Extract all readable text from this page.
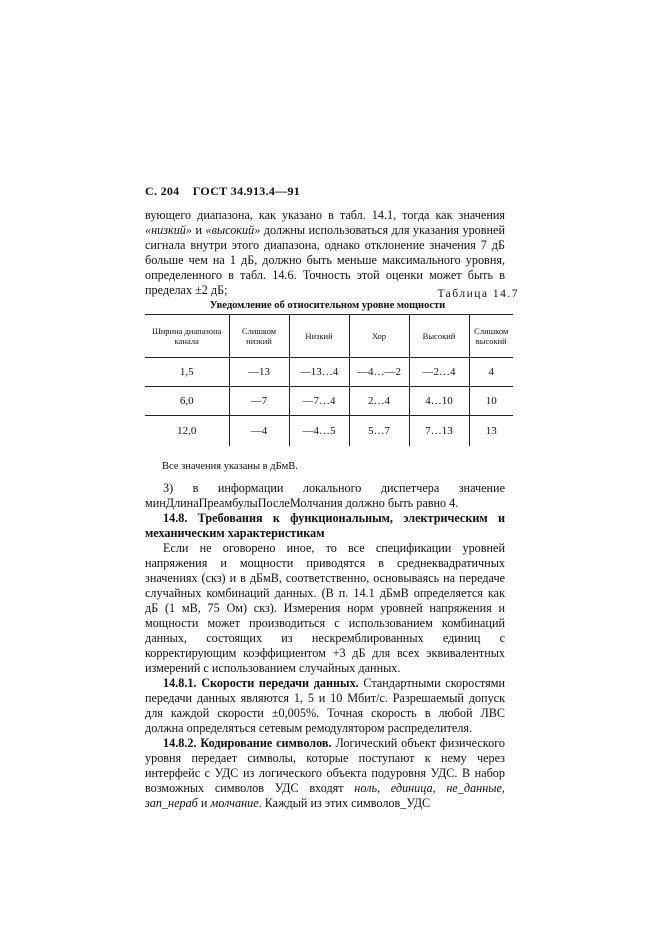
С. 204 ГОСТ 34.913.4—91

вующего диапазона, как указано в табл. 14.1, тогда как значения «низкий» и «высокий» должны использоваться для указания уровней сигнала внутри этого диапазона, однако отклонение значения 7 дБ больше чем на 1 дБ, должно быть меньше максимального уровня, определенного в табл. 14.6. Точность этой оценки может быть в пределах ±2 дБ;	Таблица 14.7
Уведомление об относительном уровне мощности
Ширина диапазона канала	Слишком низкий	Низкий	Хор	Высокий	Слишком высокий
1,5	—13	—13…4	—4…—2	—2…4	4
6,0	—7	—7…4	2…4	4…10	10
12,0	—4	—4…5	5…7	7…13	13
Все значения указаны в дБмВ.

3) в информации локального диспетчера значение минДлинаПреамбулыПослеМолчания должно быть равно 4.

14.8. Требования к функциональным, электрическим и механическим характеристикам

Если не оговорено иное, то все спецификации уровней напряжения и мощности приводятся в среднеквадратичных значениях (скз) и в дБмВ, соответственно, основываясь на передаче случайных комбинаций данных. (В п. 14.1 дБмВ определяется как дБ (1 мВ, 75 Ом) скз). Измерения норм уровней напряжения и мощности может производиться с использованием комбинаций данных, состоящих из нескремблированных единиц с корректирующим коэффициентом +3 дБ для всех эквивалентных измерений с использованием случайных данных.

14.8.1. Скорости передачи данных. Стандартными скоростями передачи данных являются 1, 5 и 10 Мбит/с. Разрешаемый допуск для каждой скорости ±0,005%. Точная скорость в любой ЛВС должна определяться сетевым ремодулятором распределителя.

14.8.2. Кодирование символов. Логический объект физического уровня передает символы, которые поступают к нему через интерфейс с УДС из логического объекта подуровня УДС. В набор возможных символов УДС входят ноль, единица, не_данные, зап_нераб и молчание. Каждый из этих символов_УДС
